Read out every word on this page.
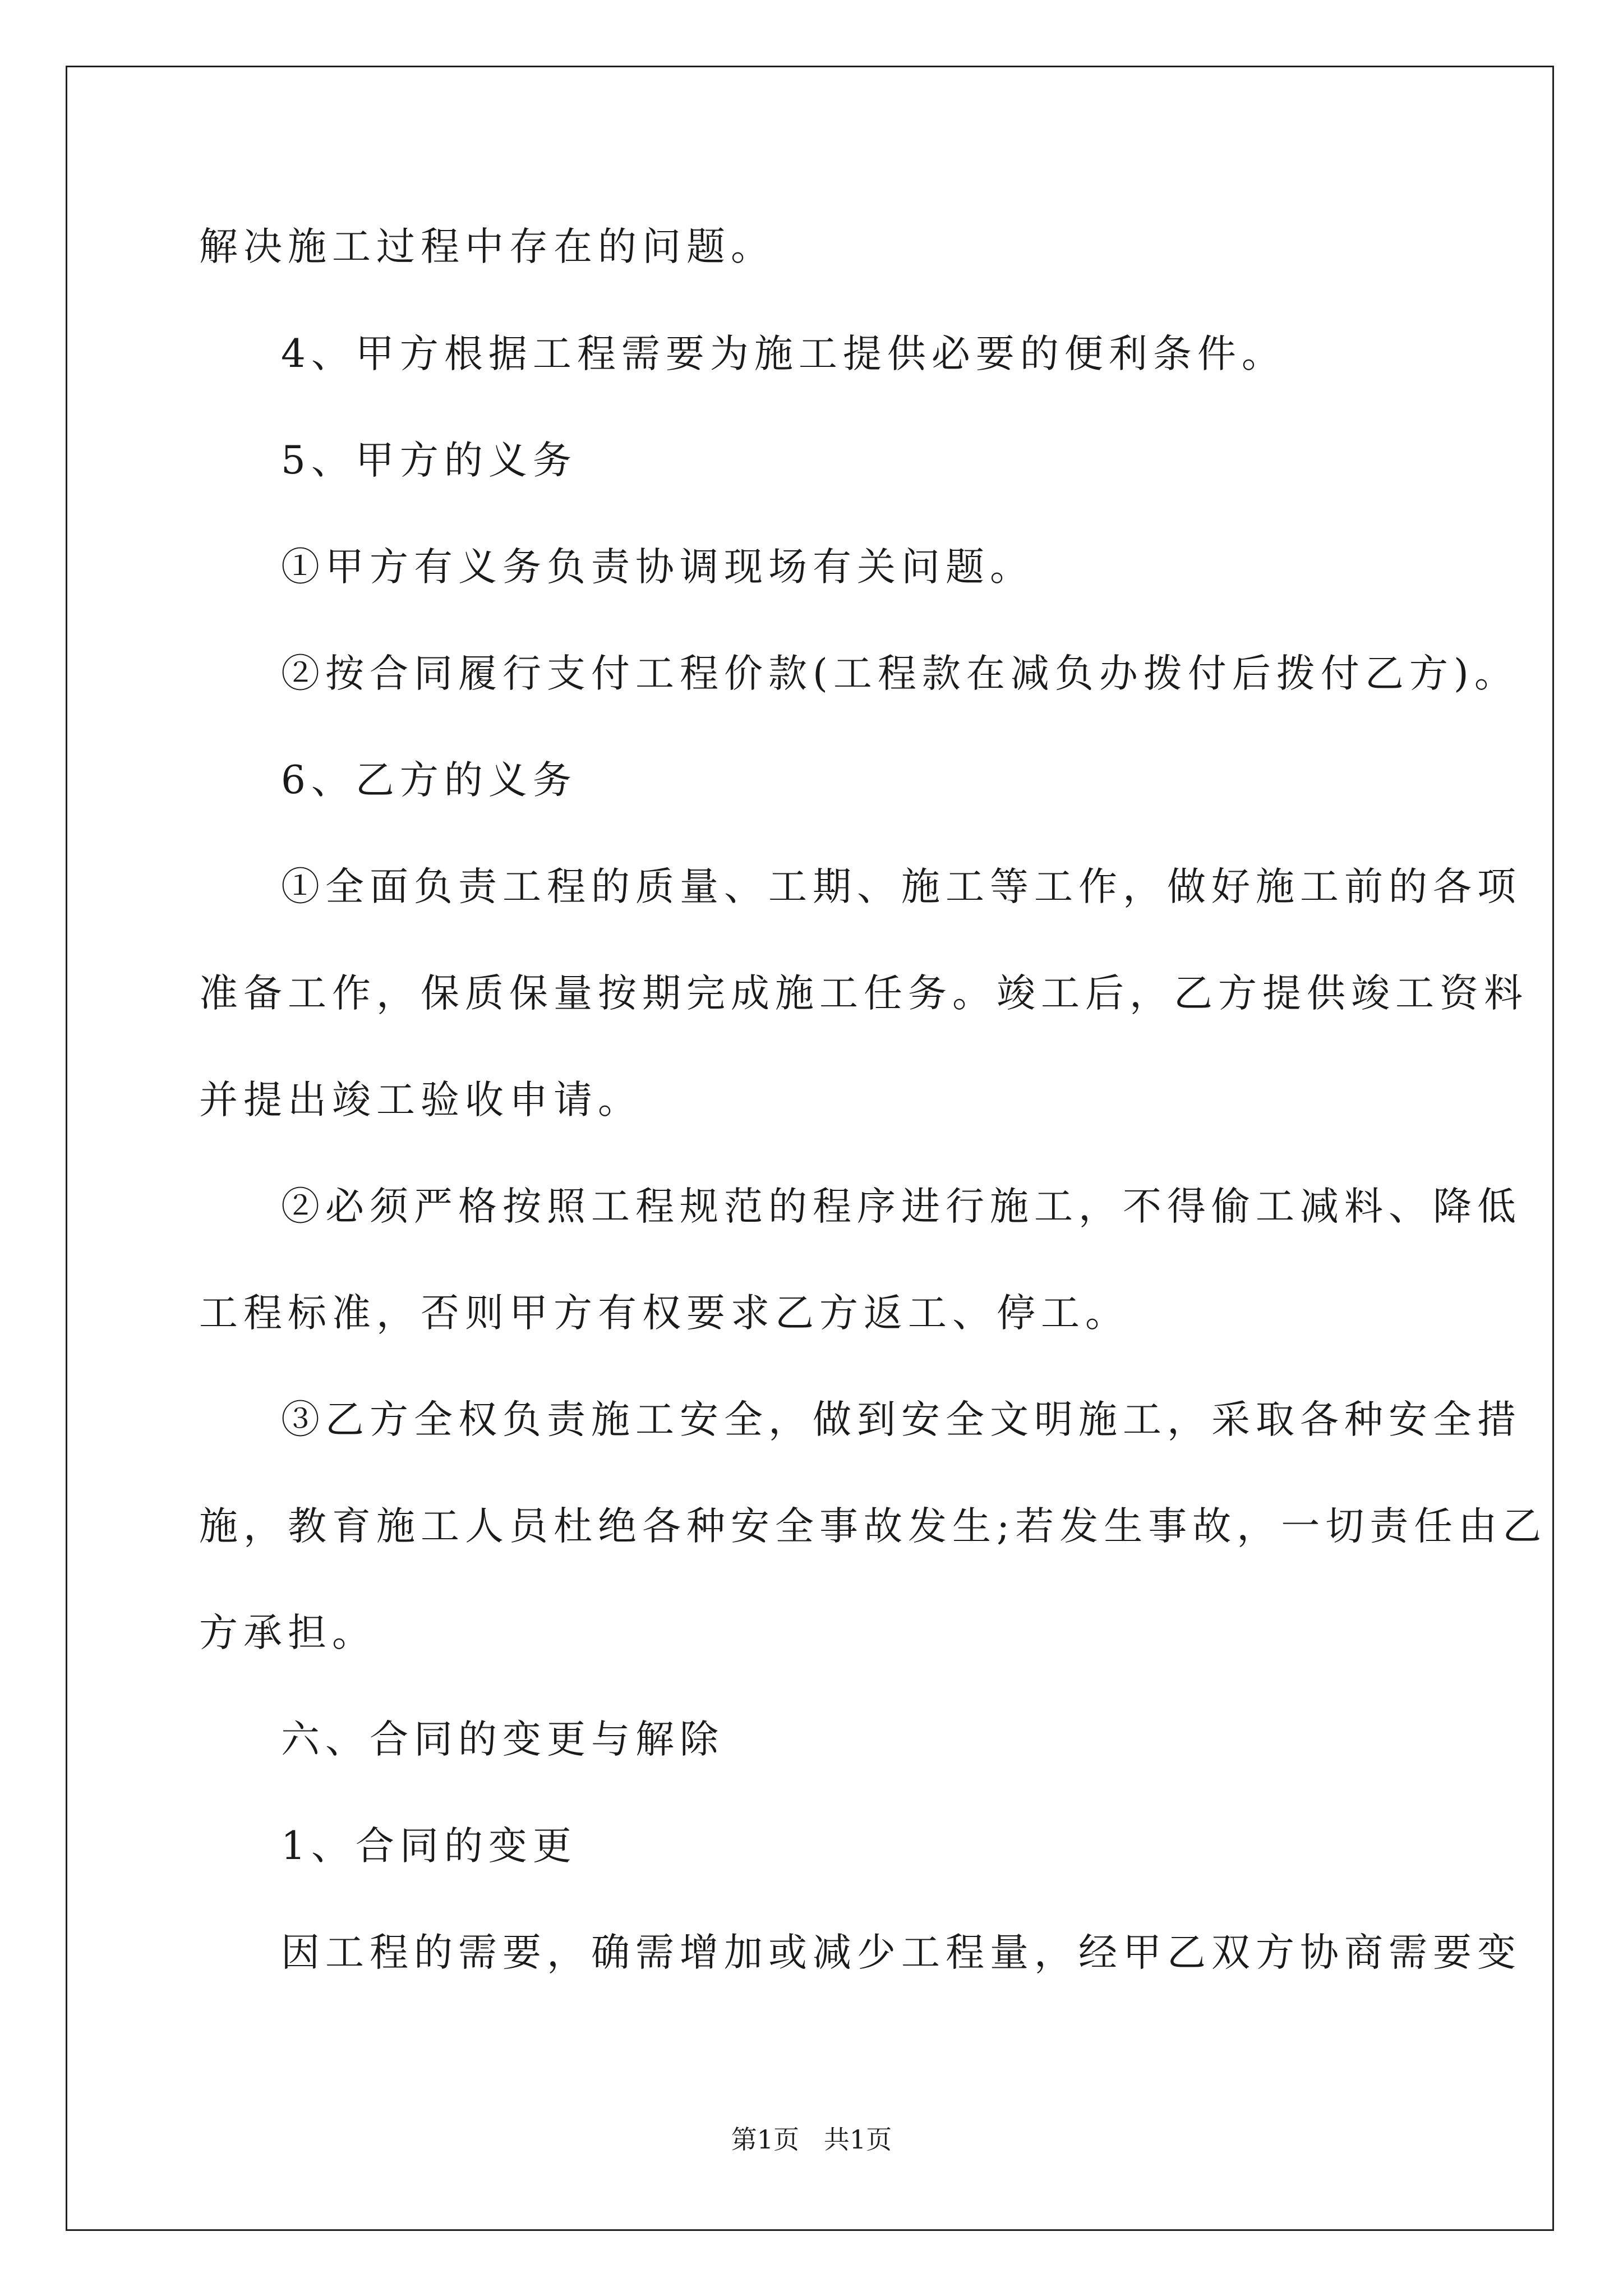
解决施工过程中存在的问题。
4、甲方根据工程需要为施工提供必要的便利条件。
5、甲方的义务
①甲方有义务负责协调现场有关问题。
②按合同履行支付工程价款(工程款在减负办拨付后拨付乙方)。
6、乙方的义务
①全面负责工程的质量、工期、施工等工作，做好施工前的各项
准备工作，保质保量按期完成施工任务。竣工后，乙方提供竣工资料
并提出竣工验收申请。
②必须严格按照工程规范的程序进行施工，不得偷工减料、降低
工程标准，否则甲方有权要求乙方返工、停工。
③乙方全权负责施工安全，做到安全文明施工，采取各种安全措
施，教育施工人员杜绝各种安全事故发生;若发生事故，一切责任由乙
方承担。
六、合同的变更与解除
1、合同的变更
因工程的需要，确需增加或减少工程量，经甲乙双方协商需要变
第1页   共1页
